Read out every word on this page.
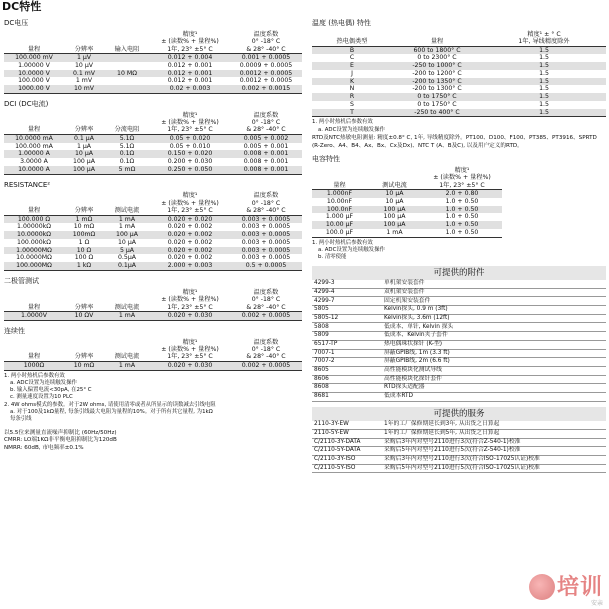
DC特性
DC电压
量程	分辨率	输入电阻	精度¹
± (读数% + 量程%)
1年, 23° ±5° C	温度系数
0° -18° C
& 28° -40° C
100.000 mV	1 μV		0.012 + 0.004	0.001 + 0.0005
1.00000 V	10 μV		0.012 + 0.001	0.0009 + 0.0005
10.0000 V	0.1 mV	10 MΩ	0.012 + 0.001	0.0012 + 0.0005
100.000 V	1 mV		0.012 + 0.001	0.0012 + 0.0005
1000.00 V	10 mV		0.02 + 0.003	0.002 + 0.0015
DCI (DC电流)
量程	分辨率	分流电阻	精度¹
± (读数% + 量程%)
1年, 23° ±5° C	温度系数
0° -18° C
& 28° -40° C
10.0000 mA	0.1 μA	5.1Ω	0.05 + 0.020	0.005 + 0.002
100.000 mA	1 μA	5.1Ω	0.05 + 0.010	0.005 + 0.001
1.00000 A	10 μA	0.1Ω	0.150 + 0.020	0.008 + 0.001
3.0000 A	100 μA	0.1Ω	0.200 + 0.030	0.008 + 0.001
10.0000 A	100 μA	5 mΩ	0.250 + 0.050	0.008 + 0.001
RESISTANCE²
量程	分辨率	测试电流	精度¹
± (读数% + 量程%)
1年, 23° ±5° C	温度系数
0° -18° C
& 28° -40° C
100.000 Ω	1 mΩ	1 mA	0.020 + 0.020	0.003 + 0.0005
1.00000kΩ	10 mΩ	1 mA	0.020 + 0.002	0.003 + 0.0005
10.0000kΩ	100mΩ	100 μA	0.020 + 0.002	0.003 + 0.0005
100.000kΩ	1 Ω	10 μA	0.020 + 0.002	0.003 + 0.0005
1.00000MΩ	10 Ω	5 μA	0.020 + 0.002	0.003 + 0.0005
10.0000MΩ	100 Ω	0.5μA	0.020 + 0.002	0.003 + 0.0005
100.000MΩ	1 kΩ	0.1μA	2.000 + 0.003	0.5 + 0.0005
二极管测试
量程	分辨率	测试电流	精度¹
± (读数% + 量程%)
1年, 23° ±5° C	温度系数
0° -18° C
& 28° -40° C
1.0000V	10 ΩV	1 mA	0.020 + 0.030	0.002 + 0.0005
连续性
量程	分辨率	测试电流	精度¹
± (读数% + 量程%)
1年, 23° ±5° C	温度系数
0° -18° C
& 28° -40° C
1000Ω	10 mΩ	1 mA	0.020 + 0.030	0.002 + 0.0005
1. 两小时热机后参数有效
a. ADC设置为连续触发操作
b. 输入偏置电流<30pA, 在25° C
c. 测量速度设置为10 PLC
2. 4W ohms模式的参数。对于2W ohms, 请使用清零或者从所显示的读数减去引线电阻
a. 对于100及1kΩ量程, 每条引线最大电阻为量程的10%。对于所有其它量程, 为1kΩ
每条引线
以5.5位来测量直流噪声抑制比 (60Hz/50Hz)
CMRR: LO端1KΩ非平衡电阻抑制比为120dB
NMRR: 60dB, 市电频率±0.1%
温度 (热电偶) 特性
热电偶类型	量程	精度¹ ± ° C
1年, 导线精度除外
B	600 to 1800° C	1.5
C	0 to 2300° C	1.5
E	-250 to 1000° C	1.5
J	-200 to 1200° C	1.5
K	-200 to 1350° C	1.5
N	-200 to 1300° C	1.5
R	0 to 1750° C	1.5
S	0 to 1750° C	1.5
T	-250 to 400° C	1.5
1. 两小时热机后参数有效
a. ADC设置为连续触发操作
RTD及NTC热敏电阻测量: 精度±0.8° C, 1年, 导线精度除外。PT100、D100、F100、PT385、PT3916、SPRTD (R-Zero、A4、B4、Ax、Bx、Cx及Dx)、NTC T (A、B及C), 以及用户定义的RTD。
电容特性
量程	测试电流	精度¹
± (读数% + 量程%)
1年, 23° ±5° C
1.000nF	10 μA	2.0 + 0.80
10.00nF	10 μA	1.0 + 0.50
100.0nF	100 μA	1.0 + 0.50
1.000 μF	100 μA	1.0 + 0.50
10.00 μF	100 μA	1.0 + 0.50
100.0 μF	1 mA	1.0 + 0.50
1. 两小时热机后参数有效
a. ADC设置为连续触发操作
b. 清零使能
可提供的附件
4299-3	单机架安装套件
4299-4	双机架安装套件
4299-7	固定机架安装套件
5805	Kelvin探头, 0.9 m (3ft)
5805-12	Kelvin探头, 3.6m (12ft)
5808	低成本、单针, Kelvin 探头
5809	低成本、Kelvin夹子套件
6517-TP	热电偶珠状探针 (K-型)
7007-1	屏蔽GPIB线, 1m (3.3 ft)
7007-2	屏蔽GPIB线, 2m (6.6 ft)
8605	高性能模块化测试导线
8606	高性能模块化探针套件
8608	RTD探头适配器
8681	低成本RTD
可提供的服务
2110-3Y-EW	1年的工厂保修期延长到3年, 从出货之日算起
2110-5Y-EW	1年的工厂保修期延长到5年, 从出货之日算起
C/2110-3Y-DATA	采购后3年内对型号2110进行3次(符合Z-540-1)校准
C/2110-5Y-DATA	采购后5年内对型号2110进行5次(符合Z-540-1)校准
C/2110-3Y-ISO	采购后3年内对型号2110进行3次(符合ISO-17025认证)校准
C/2110-5Y-ISO	采购后5年内对型号2110进行5次(符合ISO-17025认证)校准
培训
安亲
